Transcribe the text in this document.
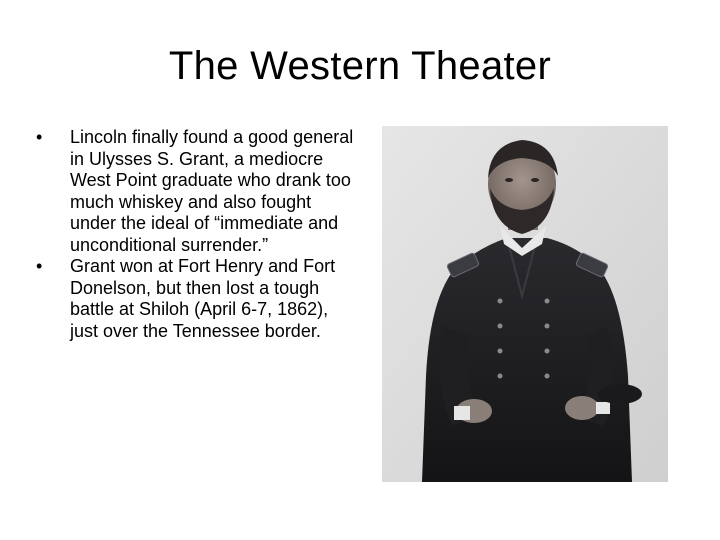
The Western Theater
•	Lincoln finally found a good general in Ulysses S. Grant, a mediocre West Point graduate who drank too much whiskey and also fought under the ideal of “immediate and unconditional surrender.”
•	Grant won at Fort Henry and Fort Donelson, but then lost a tough battle at Shiloh (April 6-7, 1862), just over the Tennessee border.
